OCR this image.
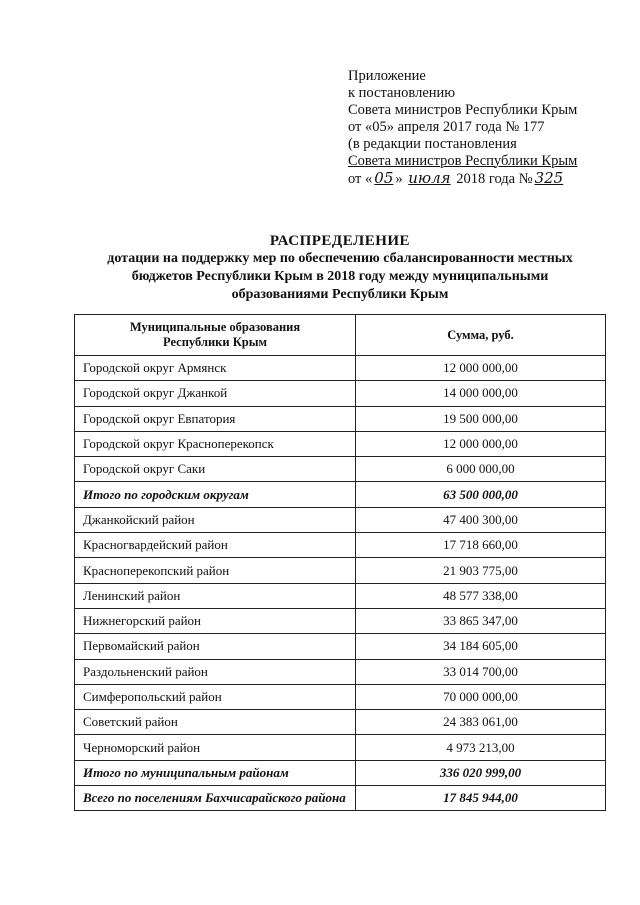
Приложение
к постановлению
Совета министров Республики Крым
от «05» апреля 2017 года № 177
(в редакции постановления
Совета министров Республики Крым
от « 05 » июля 2018 года № 325
РАСПРЕДЕЛЕНИЕ
дотации на поддержку мер по обеспечению сбалансированности местных
бюджетов Республики Крым в 2018 году между муниципальными
образованиями Республики Крым
Муниципальные образования
Республики Крым	Сумма, руб.
Городской округ Армянск	12 000 000,00
Городской округ Джанкой	14 000 000,00
Городской округ Евпатория	19 500 000,00
Городской округ Красноперекопск	12 000 000,00
Городской округ Саки	6 000 000,00
Итого по городским округам	63 500 000,00
Джанкойский район	47 400 300,00
Красногвардейский район	17 718 660,00
Красноперекопский район	21 903 775,00
Ленинский район	48 577 338,00
Нижнегорский район	33 865 347,00
Первомайский район	34 184 605,00
Раздольненский район	33 014 700,00
Симферопольский район	70 000 000,00
Советский район	24 383 061,00
Черноморский район	4 973 213,00
Итого по муниципальным районам	336 020 999,00
Всего по поселениям Бахчисарайского района	17 845 944,00
